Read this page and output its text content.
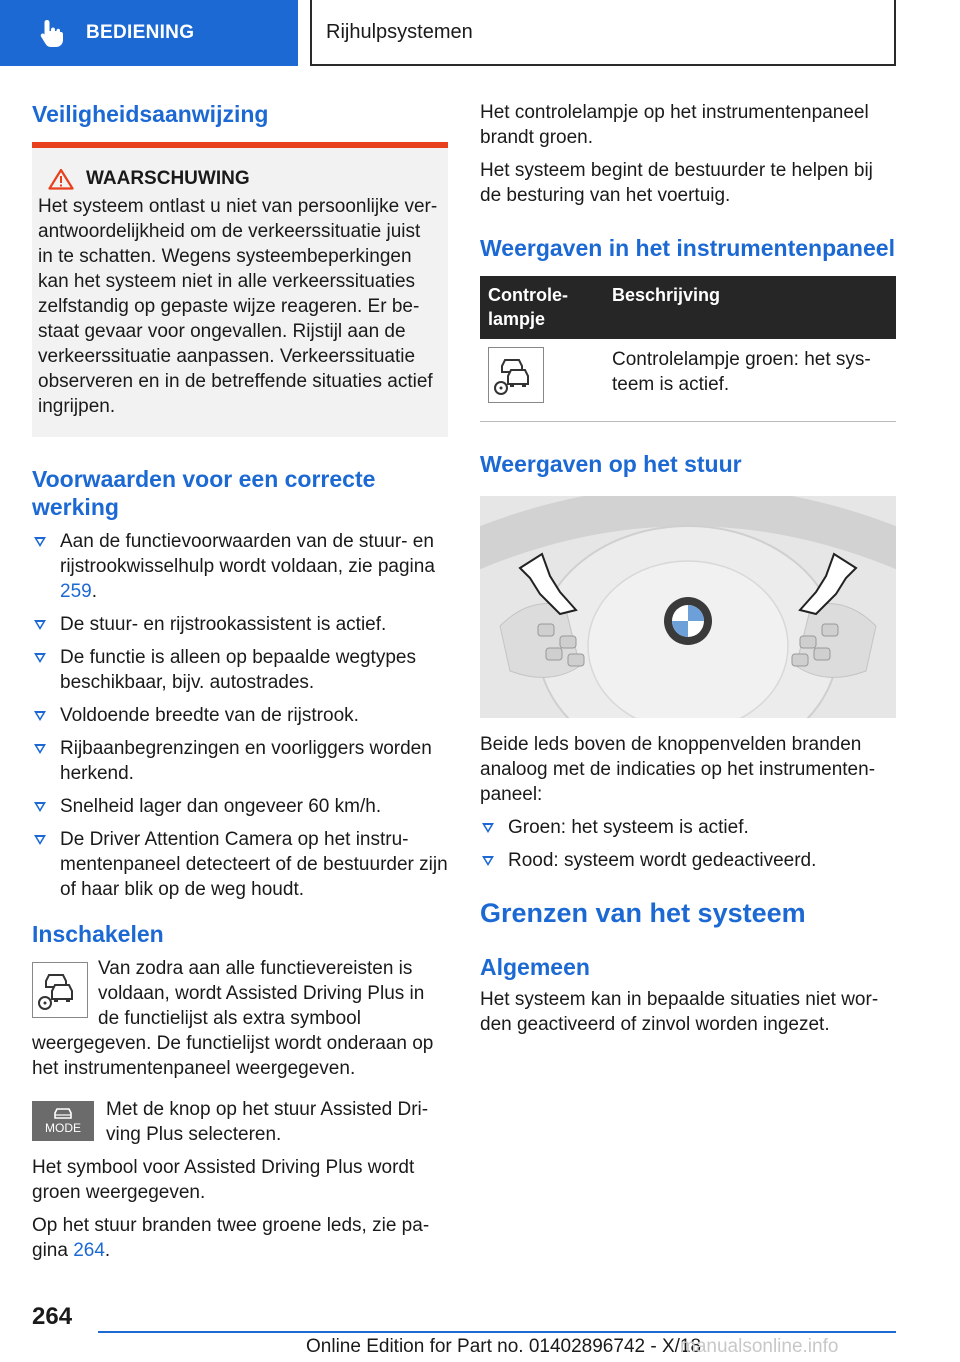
BEDIENING	Rijhulpsystemen
Veiligheidsaanwijzing
WAARSCHUWING

Het systeem ontlast u niet van persoonlijke verantwoordelijkheid om de verkeerssituatie juist in te schatten. Wegens systeembeperkingen kan het systeem niet in alle verkeerssituaties zelfstandig op gepaste wijze reageren. Er bestaat gevaar voor ongevallen. Rijstijl aan de verkeerssituatie aanpassen. Verkeerssituatie observeren en in de betreffende situaties actief ingrijpen.

Voorwaarden voor een correcte werking
Aan de functievoorwaarden van de stuur- en rijstrookwisselhulp wordt voldaan, zie pagina 259.
De stuur- en rijstrookassistent is actief.
De functie is alleen op bepaalde wegtypes beschikbaar, bijv. autostrades.
Voldoende breedte van de rijstrook.
Rijbaanbegrenzingen en voorliggers worden herkend.
Snelheid lager dan ongeveer 60 km/h.
De Driver Attention Camera op het instrumentenpaneel detecteert of de bestuurder zijn of haar blik op de weg houdt.
Inschakelen

Van zodra aan alle functievereisten is voldaan, wordt Assisted Driving Plus in de functielijst als extra symbool weergegeven. De functielijst wordt onderaan op het instrumentenpaneel weergegeven.

MODE

Met de knop op het stuur Assisted Driving Plus selecteren.

Het symbool voor Assisted Driving Plus wordt groen weergegeven.

Op het stuur branden twee groene leds, zie pagina 264.

Het controlelampje op het instrumentenpaneel brandt groen.

Het systeem begint de bestuurder te helpen bij de besturing van het voertuig.

Weergaven in het instrumentenpaneel
Controlelampje	Beschrijving

	Controlelampje groen: het systeem is actief.
Weergaven op het stuur

Beide leds boven de knoppenvelden branden analoog met de indicaties op het instrumentenpaneel:

Groen: het systeem is actief.
Rood: systeem wordt gedeactiveerd.
Grenzen van het systeem
Algemeen

Het systeem kan in bepaalde situaties niet worden geactiveerd of zinvol worden ingezet.

264
Online Edition for Part no. 01402896742 - X/18
manualsonline.info
